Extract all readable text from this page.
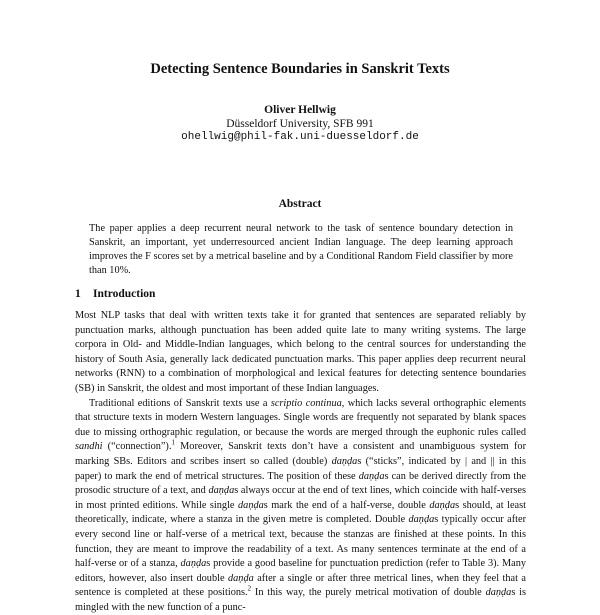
Detecting Sentence Boundaries in Sanskrit Texts
Oliver Hellwig
Düsseldorf University, SFB 991
ohellwig@phil-fak.uni-duesseldorf.de
Abstract
The paper applies a deep recurrent neural network to the task of sentence boundary detection in Sanskrit, an important, yet underresourced ancient Indian language. The deep learning approach improves the F scores set by a metrical baseline and by a Conditional Random Field classifier by more than 10%.
1 Introduction

Most NLP tasks that deal with written texts take it for granted that sentences are separated reliably by punctuation marks, although punctuation has been added quite late to many writing systems. The large corpora in Old- and Middle-Indian languages, which belong to the central sources for understanding the history of South Asia, generally lack dedicated punctuation marks. This paper applies deep recurrent neural networks (RNN) to a combination of morphological and lexical features for detecting sentence boundaries (SB) in Sanskrit, the oldest and most important of these Indian languages.

Traditional editions of Sanskrit texts use a scriptio continua, which lacks several orthographic elements that structure texts in modern Western languages. Single words are frequently not separated by blank spaces due to missing orthographic regulation, or because the words are merged through the euphonic rules called sandhi (“connection”).$^1$ Moreover, Sanskrit texts don’t have a consistent and unambiguous system for marking SBs. Editors and scribes insert so called (double) daṇḍas (“sticks”, indicated by | and || in this paper) to mark the end of metrical structures. The position of these daṇḍas can be derived directly from the prosodic structure of a text, and daṇḍas always occur at the end of text lines, which coincide with half-verses in most printed editions. While single daṇḍas mark the end of a half-verse, double daṇḍas should, at least theoretically, indicate, where a stanza in the given metre is completed. Double daṇḍas typically occur after every second line or half-verse of a metrical text, because the stanzas are finished at these points. In this function, they are meant to improve the readability of a text. As many sentences terminate at the end of a half-verse or of a stanza, daṇḍas provide a good baseline for punctuation prediction (refer to Table 3). Many editors, however, also insert double daṇḍa after a single or after three metrical lines, when they feel that a sentence is completed at these positions.$^2$ In this way, the purely metrical motivation of double daṇḍas is mingled with the new function of a punc-
